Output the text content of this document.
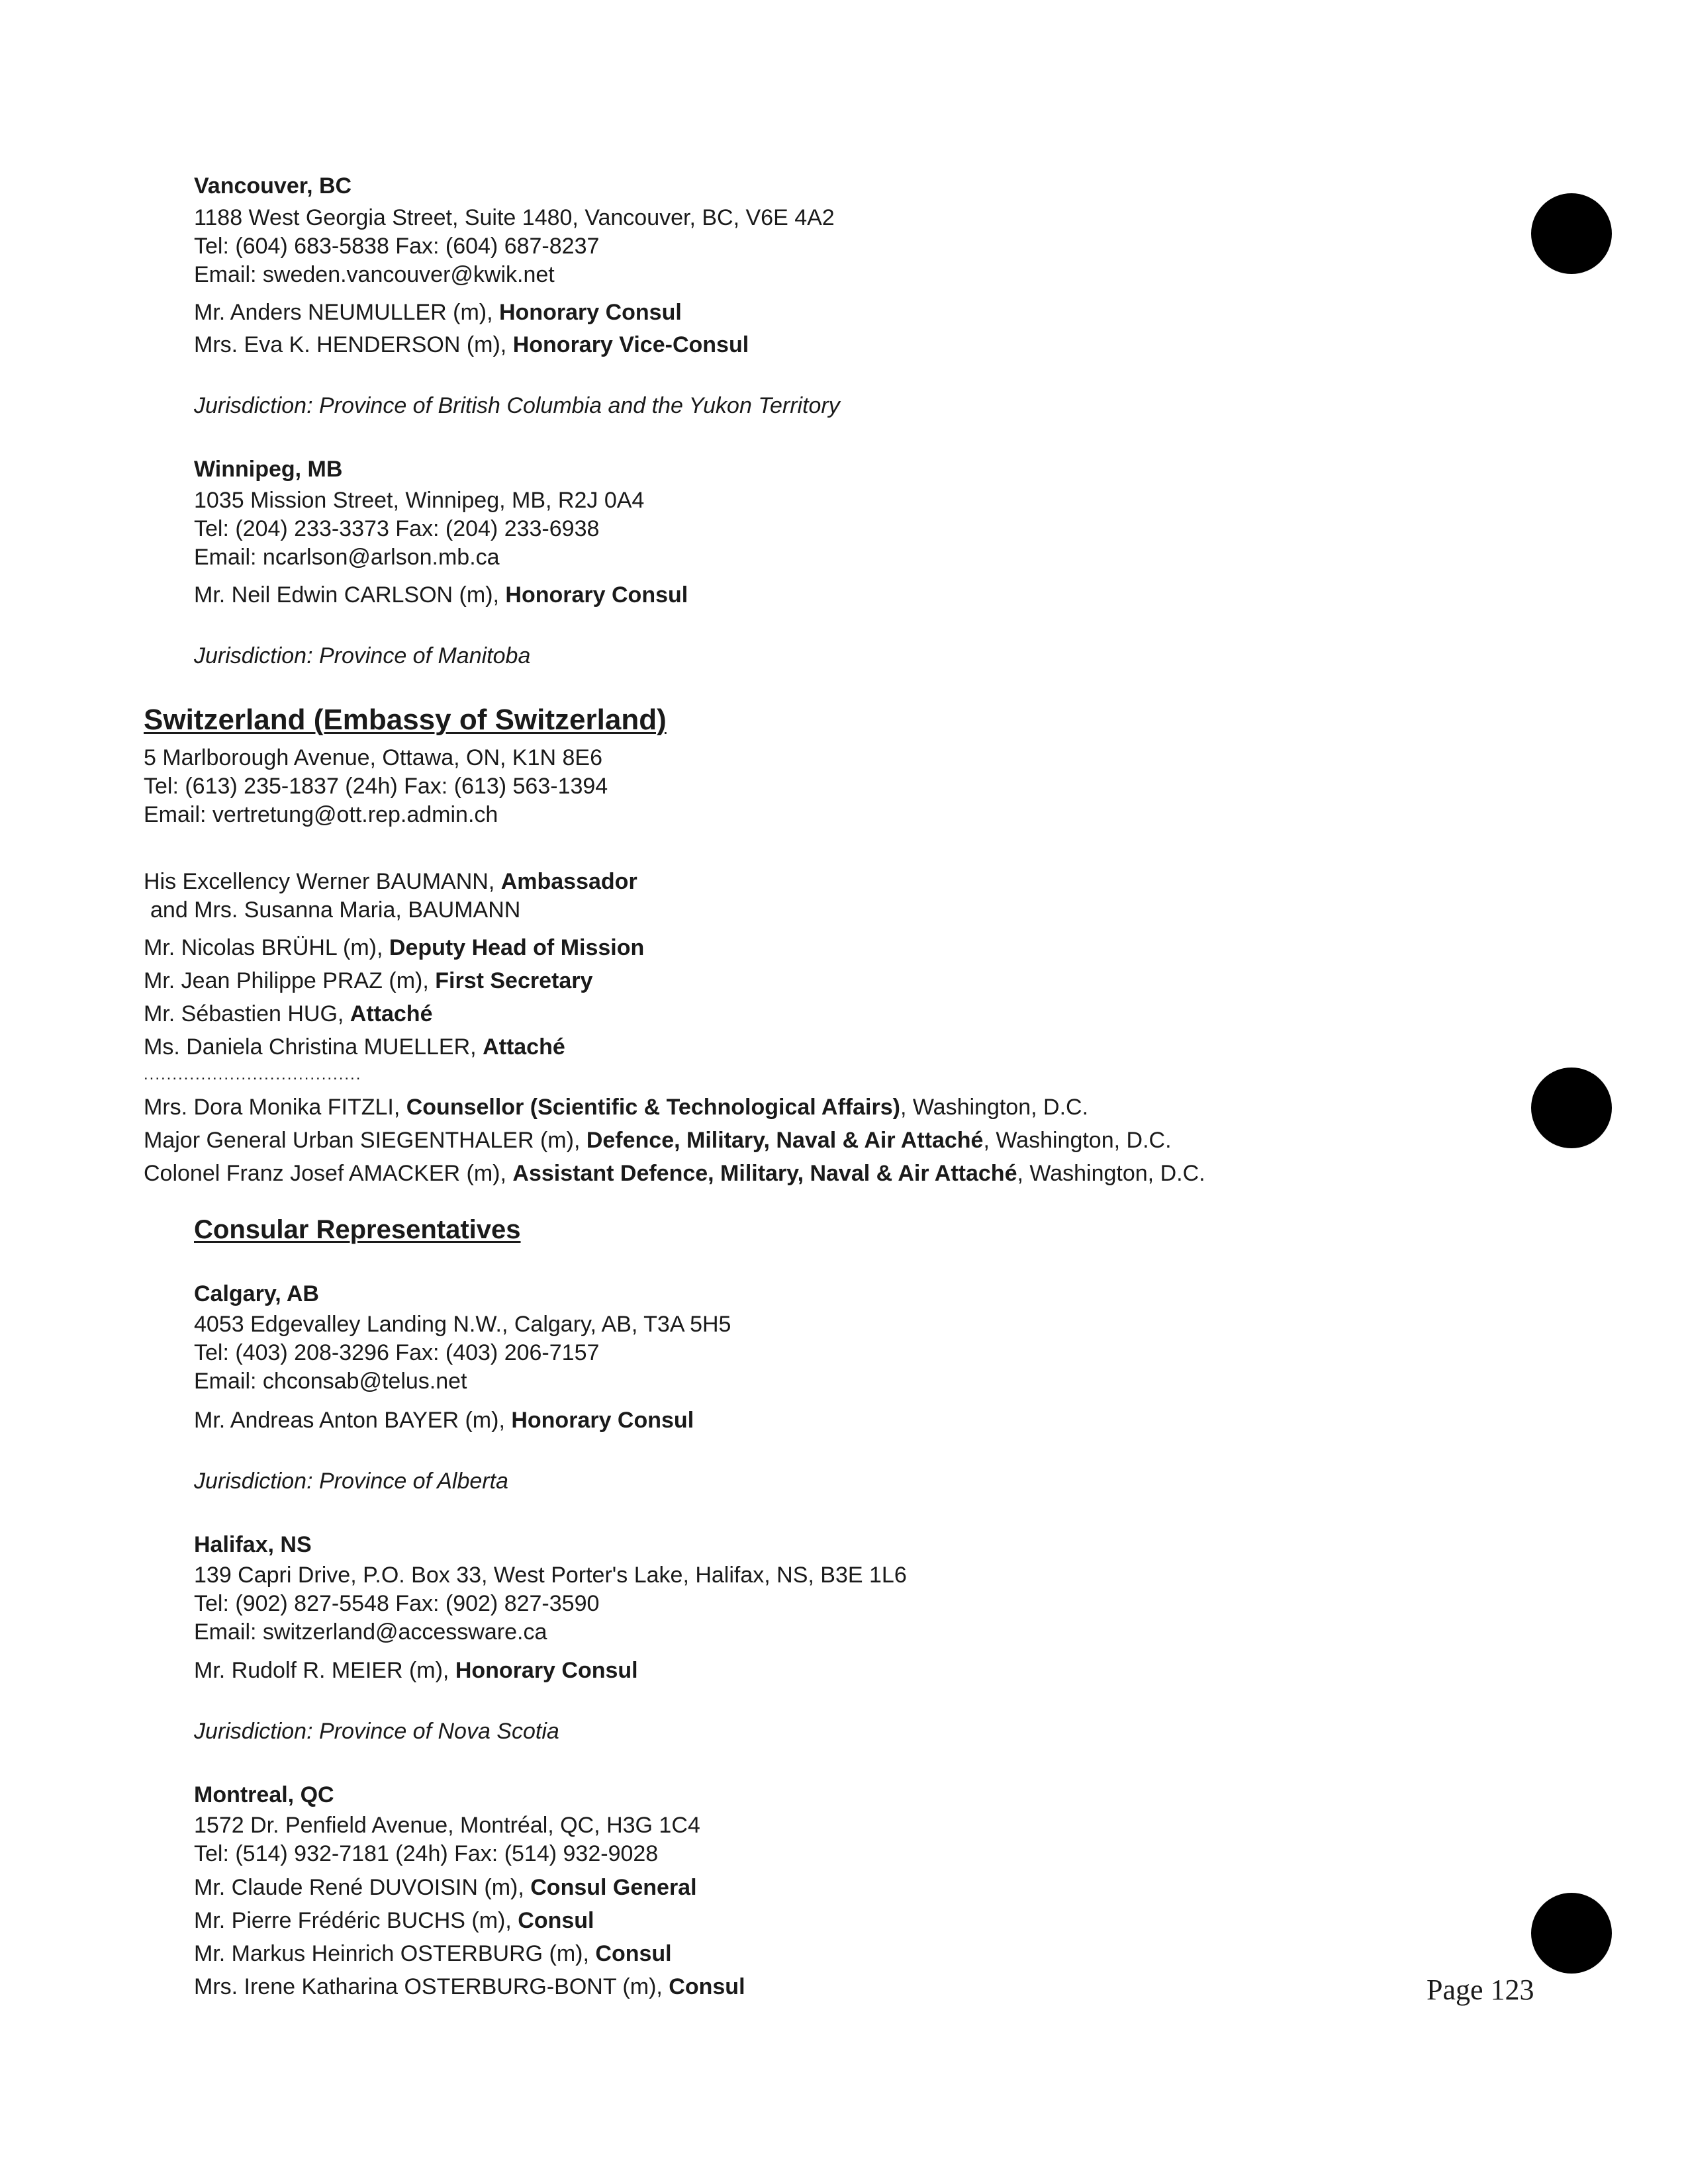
Vancouver, BC
1188 West Georgia Street, Suite 1480, Vancouver, BC, V6E 4A2
Tel: (604) 683-5838 Fax: (604) 687-8237
Email: sweden.vancouver@kwik.net
Mr. Anders NEUMULLER (m), Honorary Consul
Mrs. Eva K. HENDERSON (m), Honorary Vice-Consul
Jurisdiction: Province of British Columbia and the Yukon Territory
Winnipeg, MB
1035 Mission Street, Winnipeg, MB, R2J 0A4
Tel: (204) 233-3373 Fax: (204) 233-6938
Email: ncarlson@arlson.mb.ca
Mr. Neil Edwin CARLSON (m), Honorary Consul
Jurisdiction: Province of Manitoba
Switzerland (Embassy of Switzerland)
5 Marlborough Avenue, Ottawa, ON, K1N 8E6
Tel: (613) 235-1837 (24h) Fax: (613) 563-1394
Email: vertretung@ott.rep.admin.ch
His Excellency Werner BAUMANN, Ambassador
and Mrs. Susanna Maria, BAUMANN
Mr. Nicolas BRÜHL (m), Deputy Head of Mission
Mr. Jean Philippe PRAZ (m), First Secretary
Mr. Sébastien HUG, Attaché
Ms. Daniela Christina MUELLER, Attaché
......................................
Mrs. Dora Monika FITZLI, Counsellor (Scientific & Technological Affairs), Washington, D.C.
Major General Urban SIEGENTHALER (m), Defence, Military, Naval & Air Attaché, Washington, D.C.
Colonel Franz Josef AMACKER (m), Assistant Defence, Military, Naval & Air Attaché, Washington, D.C.
Consular Representatives
Calgary, AB
4053 Edgevalley Landing N.W., Calgary, AB, T3A 5H5
Tel: (403) 208-3296 Fax: (403) 206-7157
Email: chconsab@telus.net
Mr. Andreas Anton BAYER (m), Honorary Consul
Jurisdiction: Province of Alberta
Halifax, NS
139 Capri Drive, P.O. Box 33, West Porter's Lake, Halifax, NS, B3E 1L6
Tel: (902) 827-5548 Fax: (902) 827-3590
Email: switzerland@accessware.ca
Mr. Rudolf R. MEIER (m), Honorary Consul
Jurisdiction: Province of Nova Scotia
Montreal, QC
1572 Dr. Penfield Avenue, Montréal, QC, H3G 1C4
Tel: (514) 932-7181 (24h) Fax: (514) 932-9028
Mr. Claude René DUVOISIN (m), Consul General
Mr. Pierre Frédéric BUCHS (m), Consul
Mr. Markus Heinrich OSTERBURG (m), Consul
Mrs. Irene Katharina OSTERBURG-BONT (m), Consul	Page 123
